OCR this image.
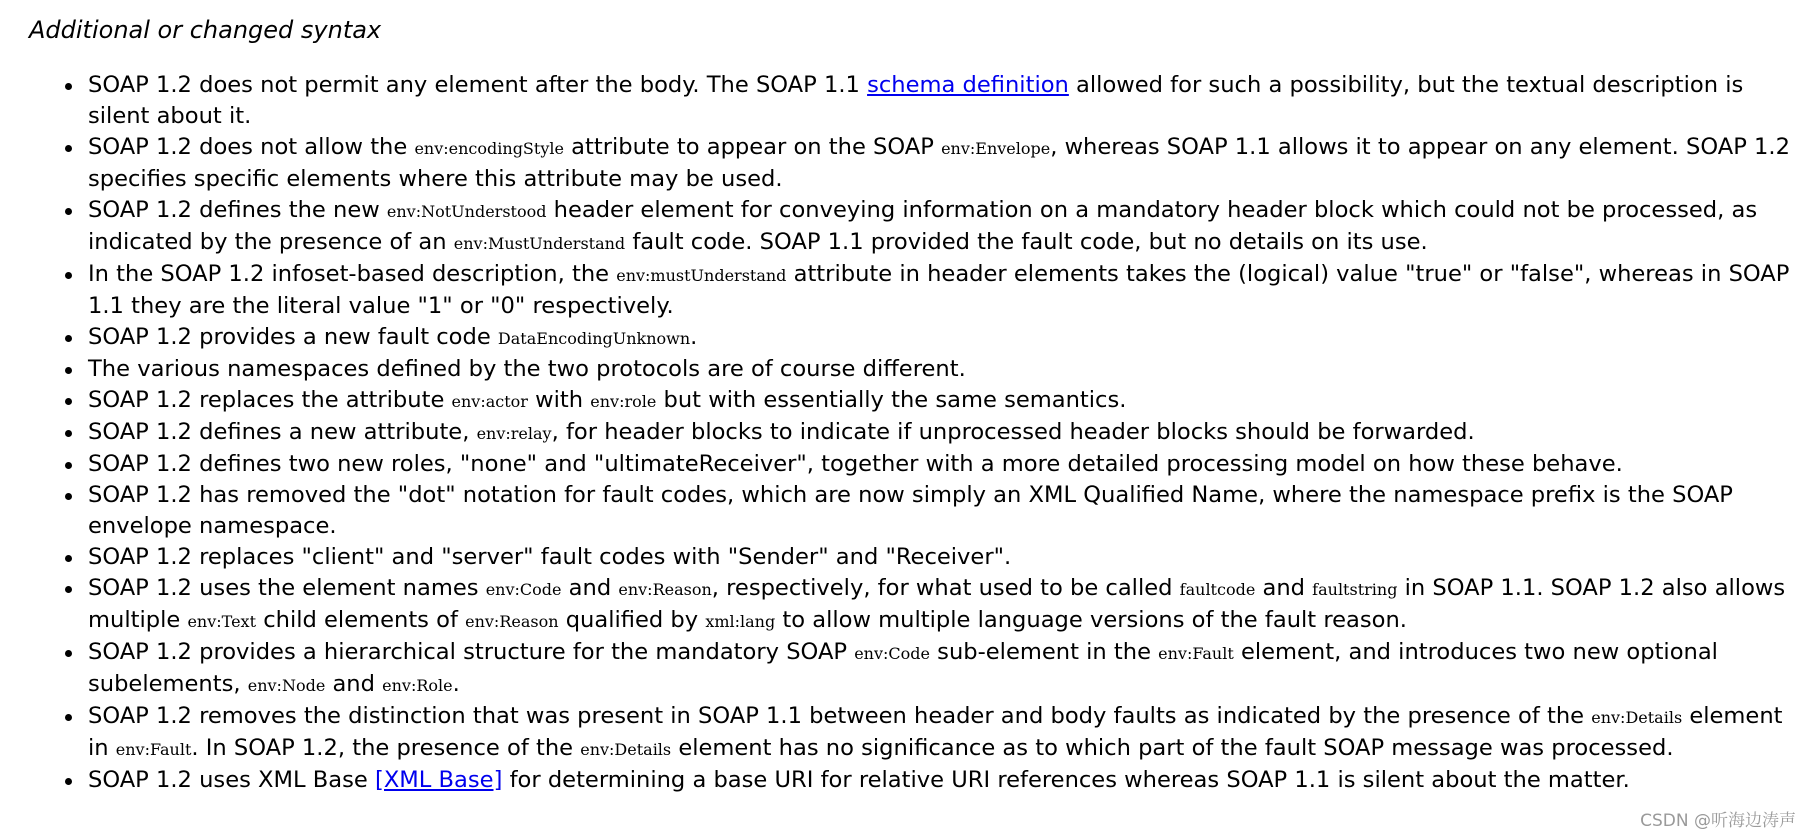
Additional or changed syntax
SOAP 1.2 does not permit any element after the body. The SOAP 1.1 schema definition allowed for such a possibility, but the textual description is silent about it.
SOAP 1.2 does not allow the env:encodingStyle attribute to appear on the SOAP env:Envelope, whereas SOAP 1.1 allows it to appear on any element. SOAP 1.2 specifies specific elements where this attribute may be used.
SOAP 1.2 defines the new env:NotUnderstood header element for conveying information on a mandatory header block which could not be processed, as indicated by the presence of an env:MustUnderstand fault code. SOAP 1.1 provided the fault code, but no details on its use.
In the SOAP 1.2 infoset-based description, the env:mustUnderstand attribute in header elements takes the (logical) value "true" or "false", whereas in SOAP 1.1 they are the literal value "1" or "0" respectively.
SOAP 1.2 provides a new fault code DataEncodingUnknown.
The various namespaces defined by the two protocols are of course different.
SOAP 1.2 replaces the attribute env:actor with env:role but with essentially the same semantics.
SOAP 1.2 defines a new attribute, env:relay, for header blocks to indicate if unprocessed header blocks should be forwarded.
SOAP 1.2 defines two new roles, "none" and "ultimateReceiver", together with a more detailed processing model on how these behave.
SOAP 1.2 has removed the "dot" notation for fault codes, which are now simply an XML Qualified Name, where the namespace prefix is the SOAP envelope namespace.
SOAP 1.2 replaces "client" and "server" fault codes with "Sender" and "Receiver".
SOAP 1.2 uses the element names env:Code and env:Reason, respectively, for what used to be called faultcode and faultstring in SOAP 1.1. SOAP 1.2 also allows multiple env:Text child elements of env:Reason qualified by xml:lang to allow multiple language versions of the fault reason.
SOAP 1.2 provides a hierarchical structure for the mandatory SOAP env:Code sub-element in the env:Fault element, and introduces two new optional subelements, env:Node and env:Role.
SOAP 1.2 removes the distinction that was present in SOAP 1.1 between header and body faults as indicated by the presence of the env:Details element in env:Fault. In SOAP 1.2, the presence of the env:Details element has no significance as to which part of the fault SOAP message was processed.
SOAP 1.2 uses XML Base [XML Base] for determining a base URI for relative URI references whereas SOAP 1.1 is silent about the matter.
CSDN @听海边涛声
